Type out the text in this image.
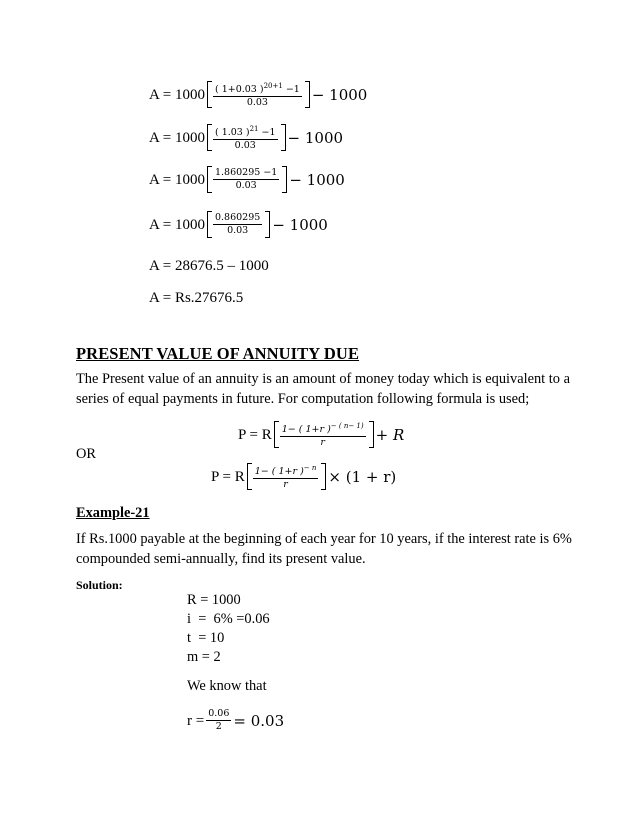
$A = 1000 \frac{( 1+0.03 )^{20+1} -1}{0.03} - 1000$
$A = 1000 \frac{( 1.03 )^{21} -1}{0.03} - 1000$
$A = 1000 \frac{1.860295 -1}{0.03} - 1000$
$A = 1000 \frac{0.860295}{0.03} - 1000$
A = 28676.5 – 1000
A = Rs.27676.5
PRESENT VALUE OF ANNUITY DUE
The Present value of an annuity is an amount of money today which is equivalent to a series of equal payments in future. For computation following formula is used;
P = R $\frac{1- ( 1+r )^{- ( n- 1)}}{r} + R$
OR
P = R $\frac{1- ( 1+r )^{- n}}{r} \times (1 + r)$
Example-21
If Rs.1000 payable at the beginning of each year for 10 years, if the interest rate is 6% compounded semi-annually, find its present value.
Solution:
R = 1000
i  =  6% =0.06
t  = 10
m = 2
We know that
$r = \frac{0.06}{2} = 0.03$
